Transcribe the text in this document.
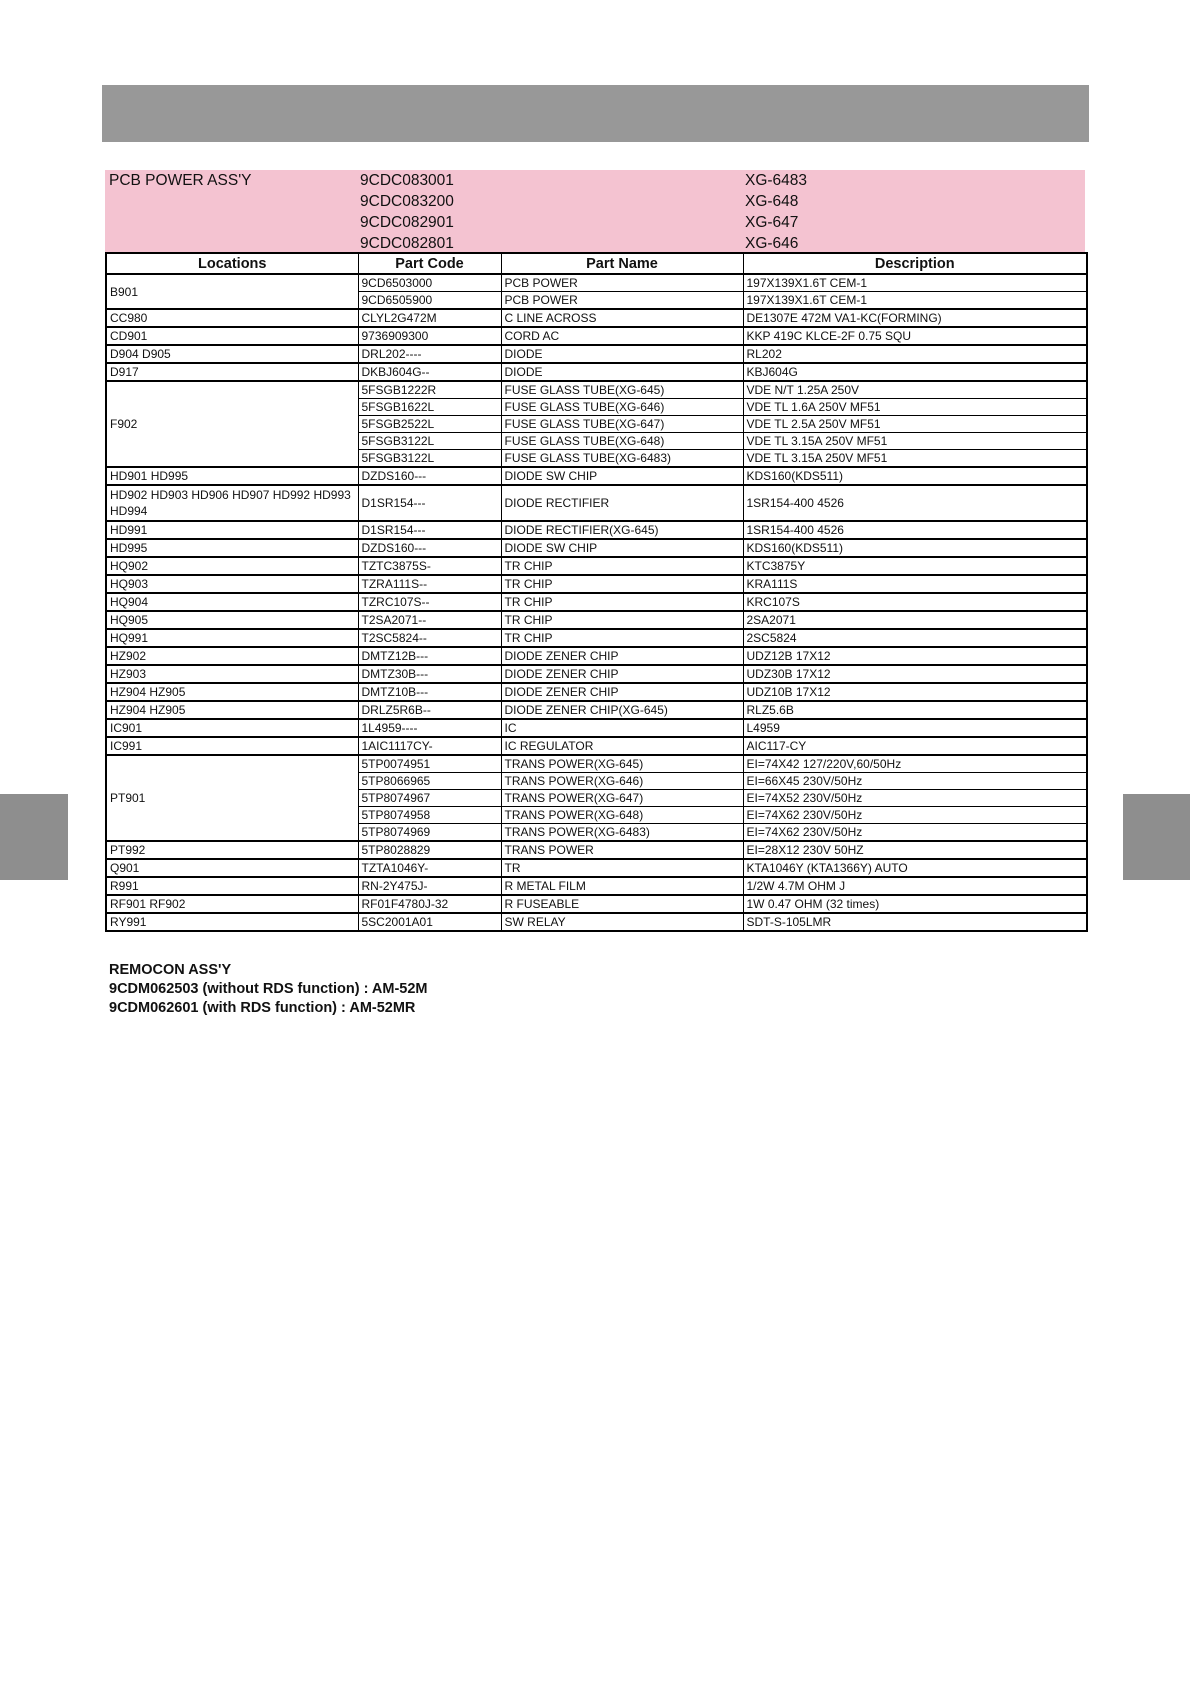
PCB POWER ASS'Y	9CDC083001	XG-6483
9CDC083200	XG-648
9CDC082901	XG-647
9CDC082801	XG-646
Locations	Part Code	Part Name	Description
B901	9CD6503000	PCB POWER	197X139X1.6T CEM-1
	9CD6505900	PCB POWER	197X139X1.6T CEM-1
CC980	CLYL2G472M	C LINE ACROSS	DE1307E 472M VA1-KC(FORMING)
CD901	9736909300	CORD AC	KKP 419C KLCE-2F 0.75 SQU
D904 D905	DRL202----	DIODE	RL202
D917	DKBJ604G--	DIODE	KBJ604G
F902	5FSGB1222R	FUSE GLASS TUBE(XG-645)	VDE N/T 1.25A 250V
	5FSGB1622L	FUSE GLASS TUBE(XG-646)	VDE TL 1.6A 250V MF51
	5FSGB2522L	FUSE GLASS TUBE(XG-647)	VDE TL 2.5A 250V MF51
	5FSGB3122L	FUSE GLASS TUBE(XG-648)	VDE TL 3.15A 250V MF51
	5FSGB3122L	FUSE GLASS TUBE(XG-6483)	VDE TL 3.15A 250V MF51
HD901 HD995	DZDS160---	DIODE SW CHIP	KDS160(KDS511)
HD902 HD903 HD906 HD907 HD992 HD993 HD994	D1SR154---	DIODE RECTIFIER	1SR154-400 4526
HD991	D1SR154---	DIODE RECTIFIER(XG-645)	1SR154-400 4526
HD995	DZDS160---	DIODE SW CHIP	KDS160(KDS511)
HQ902	TZTC3875S-	TR CHIP	KTC3875Y
HQ903	TZRA111S--	TR CHIP	KRA111S
HQ904	TZRC107S--	TR CHIP	KRC107S
HQ905	T2SA2071--	TR CHIP	2SA2071
HQ991	T2SC5824--	TR CHIP	2SC5824
HZ902	DMTZ12B---	DIODE ZENER CHIP	UDZ12B 17X12
HZ903	DMTZ30B---	DIODE ZENER CHIP	UDZ30B 17X12
HZ904 HZ905	DMTZ10B---	DIODE ZENER CHIP	UDZ10B 17X12
HZ904 HZ905	DRLZ5R6B--	DIODE ZENER CHIP(XG-645)	RLZ5.6B
IC901	1L4959----	IC	L4959
IC991	1AIC1117CY-	IC REGULATOR	AIC117-CY
PT901	5TP0074951	TRANS POWER(XG-645)	EI=74X42 127/220V,60/50Hz
	5TP8066965	TRANS POWER(XG-646)	EI=66X45 230V/50Hz
	5TP8074967	TRANS POWER(XG-647)	EI=74X52 230V/50Hz
	5TP8074958	TRANS POWER(XG-648)	EI=74X62 230V/50Hz
	5TP8074969	TRANS POWER(XG-6483)	EI=74X62 230V/50Hz
PT992	5TP8028829	TRANS POWER	EI=28X12 230V 50HZ
Q901	TZTA1046Y-	TR	KTA1046Y (KTA1366Y) AUTO
R991	RN-2Y475J-	R METAL FILM	1/2W 4.7M OHM J
RF901 RF902	RF01F4780J-32	R FUSEABLE	1W 0.47 OHM (32 times)
RY991	5SC2001A01	SW RELAY	SDT-S-105LMR
REMOCON ASS'Y
9CDM062503 (without RDS function) : AM-52M
9CDM062601 (with RDS function) : AM-52MR
